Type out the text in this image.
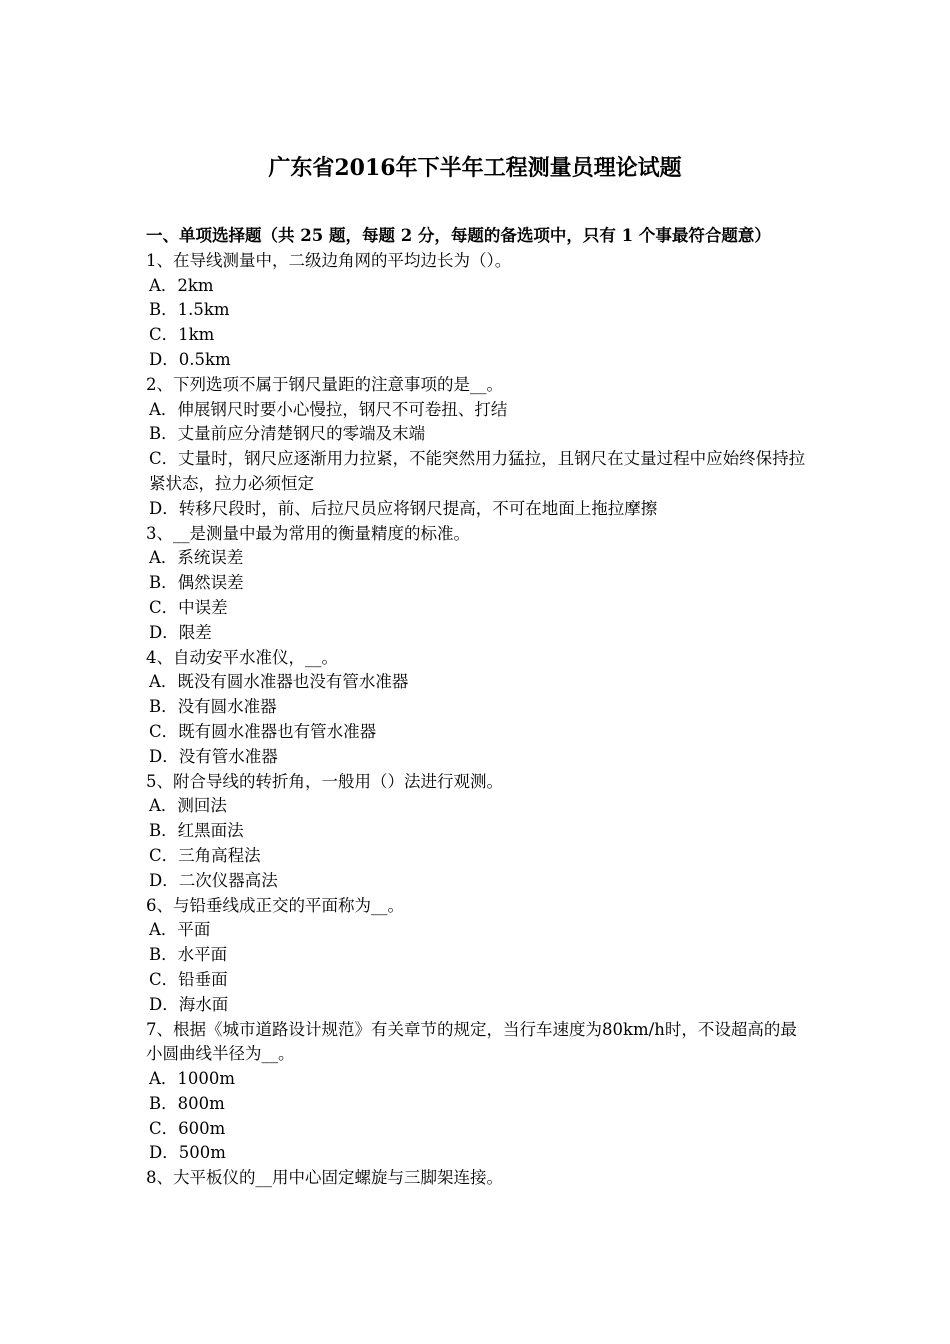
广东省2016年下半年工程测量员理论试题

一、单项选择题（共 25 题，每题 2 分，每题的备选项中，只有 1 个事最符合题意）

1、在导线测量中，二级边角网的平均边长为（）。

A．2km

B．1.5km

C．1km

D．0.5km

2、下列选项不属于钢尺量距的注意事项的是__。

A．伸展钢尺时要小心慢拉，钢尺不可卷扭、打结

B．丈量前应分清楚钢尺的零端及末端

C．丈量时，钢尺应逐渐用力拉紧，不能突然用力猛拉，且钢尺在丈量过程中应始终保持拉紧状态，拉力必须恒定

D．转移尺段时，前、后拉尺员应将钢尺提高，不可在地面上拖拉摩擦

3、__是测量中最为常用的衡量精度的标准。

A．系统误差

B．偶然误差

C．中误差

D．限差

4、自动安平水准仪，__。

A．既没有圆水准器也没有管水准器

B．没有圆水准器

C．既有圆水准器也有管水准器

D．没有管水准器

5、附合导线的转折角，一般用（）法进行观测。

A．测回法

B．红黑面法

C．三角高程法

D．二次仪器高法

6、与铅垂线成正交的平面称为__。

A．平面

B．水平面

C．铅垂面

D．海水面

7、根据《城市道路设计规范》有关章节的规定，当行车速度为80km/h时，不设超高的最小圆曲线半径为__。

A．1000m

B．800m

C．600m

D．500m

8、大平板仪的__用中心固定螺旋与三脚架连接。
